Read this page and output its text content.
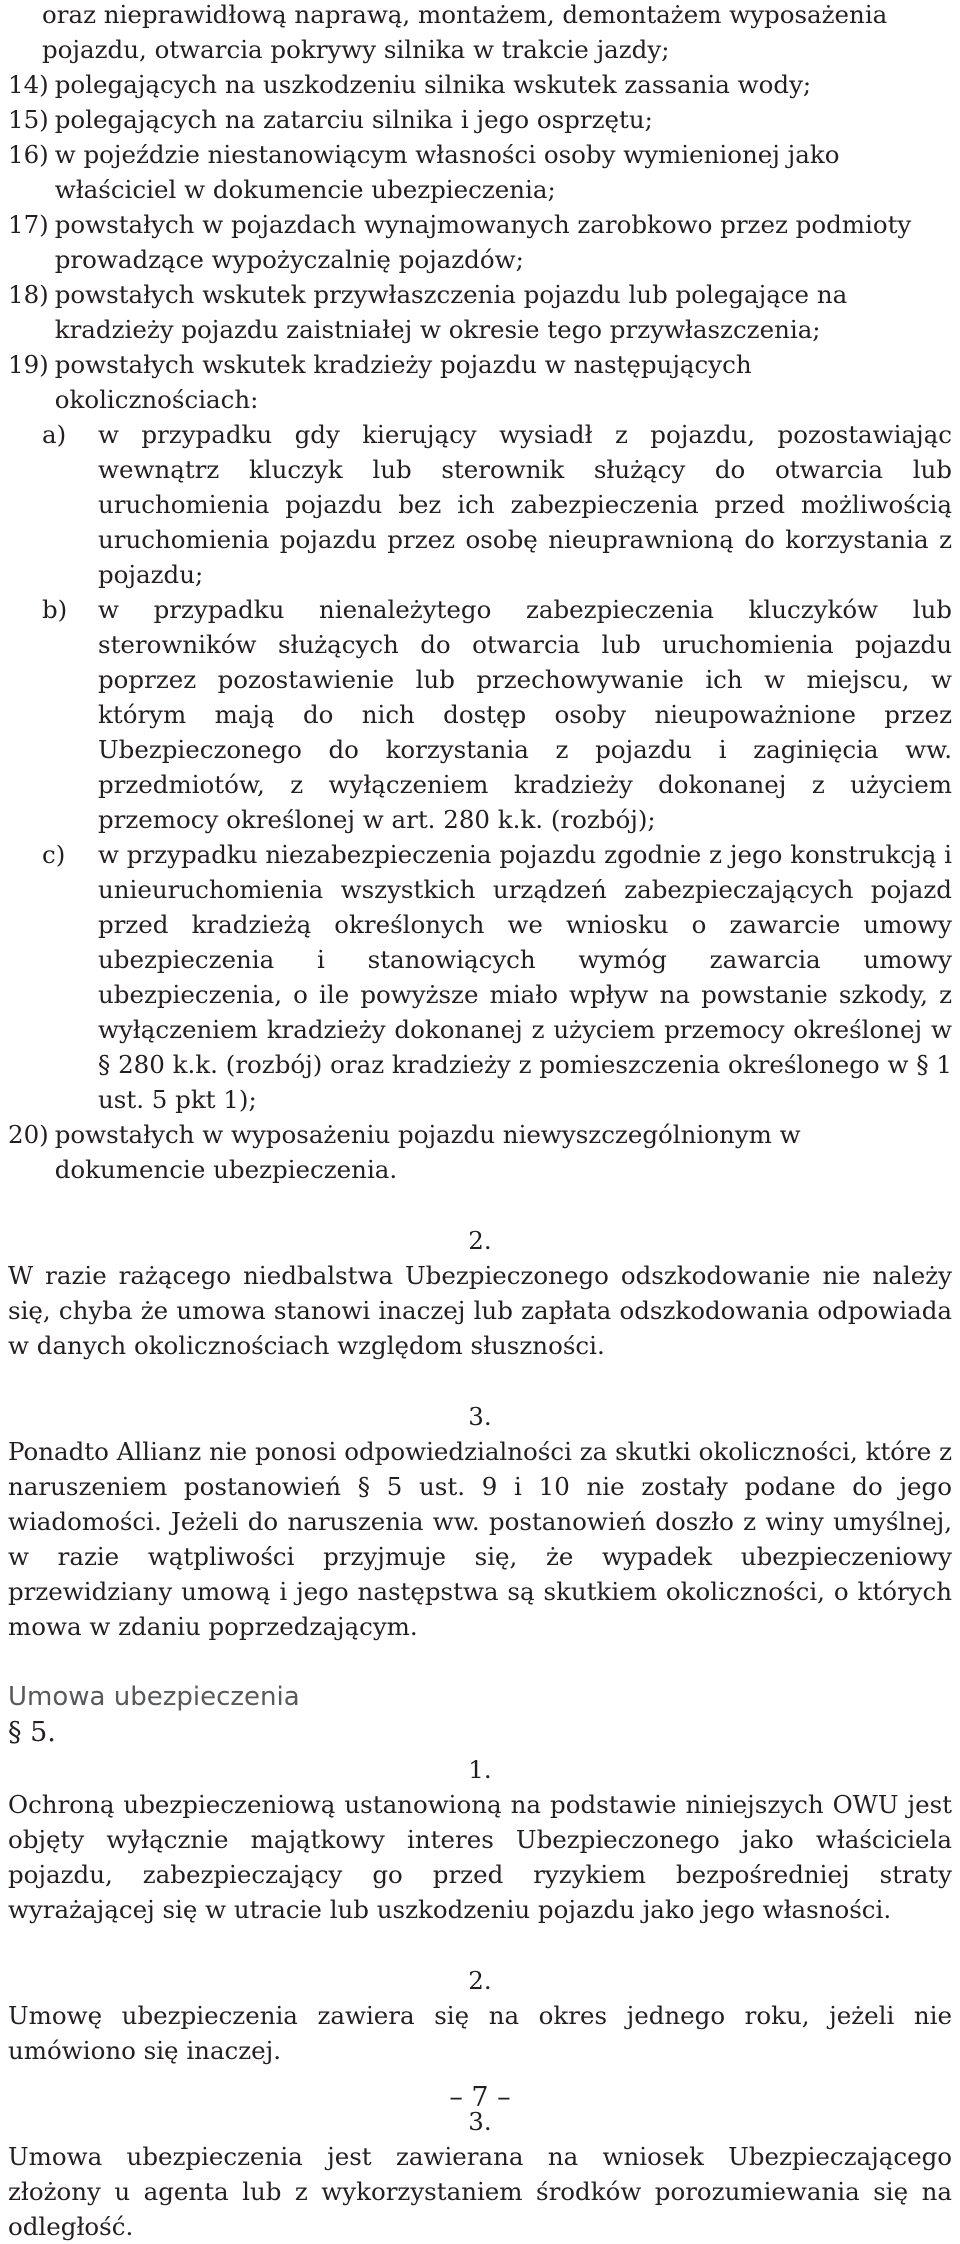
oraz nieprawidłową naprawą, montażem, demontażem wyposażenia pojazdu, otwarcia pokrywy silnika w trakcie jazdy;
14) polegających na uszkodzeniu silnika wskutek zassania wody;
15) polegających na zatarciu silnika i jego osprzętu;
16) w pojeździe niestanowiącym własności osoby wymienionej jako właściciel w dokumencie ubezpieczenia;
17) powstałych w pojazdach wynajmowanych zarobkowo przez podmioty prowadzące wypożyczalnię pojazdów;
18) powstałych wskutek przywłaszczenia pojazdu lub polegające na kradzieży pojazdu zaistniałej w okresie tego przywłaszczenia;
19) powstałych wskutek kradzieży pojazdu w następujących okolicznościach:
a)	w przypadku gdy kierujący wysiadł z pojazdu, pozostawiając wewnątrz kluczyk lub sterownik służący do otwarcia lub uruchomienia pojazdu bez ich zabezpieczenia przed możliwością uruchomienia pojazdu przez osobę nieuprawnioną do korzystania z pojazdu;
b)	w przypadku nienależytego zabezpieczenia kluczyków lub sterowników służących do otwarcia lub uruchomienia pojazdu poprzez pozostawienie lub przechowywanie ich w miejscu, w którym mają do nich dostęp osoby nieupoważnione przez Ubezpieczonego do korzystania z pojazdu i zaginięcia ww. przedmiotów, z wyłączeniem kradzieży dokonanej z użyciem przemocy określonej w art. 280 k.k. (rozbój);
c)	w przypadku niezabezpieczenia pojazdu zgodnie z jego konstrukcją i unieuruchomienia wszystkich urządzeń zabezpieczających pojazd przed kradzieżą określonych we wniosku o zawarcie umowy ubezpieczenia i stanowiących wymóg zawarcia umowy ubezpieczenia, o ile powyższe miało wpływ na powstanie szkody, z wyłączeniem kradzieży dokonanej z użyciem przemocy określonej w § 280 k.k. (rozbój) oraz kradzieży z pomieszczenia określonego w § 1 ust. 5 pkt 1);
20) powstałych w wyposażeniu pojazdu niewyszczególnionym w dokumencie ubezpieczenia.
2.
W razie rażącego niedbalstwa Ubezpieczonego odszkodowanie nie należy się, chyba że umowa stanowi inaczej lub zapłata odszkodowania odpowiada w danych okolicznościach względom słuszności.
3.
Ponadto Allianz nie ponosi odpowiedzialności za skutki okoliczności, które z naruszeniem postanowień § 5 ust. 9 i 10 nie zostały podane do jego wiadomości. Jeżeli do naruszenia ww. postanowień doszło z winy umyślnej, w razie wątpliwości przyjmuje się, że wypadek ubezpieczeniowy przewidziany umową i jego następstwa są skutkiem okoliczności, o których mowa w zdaniu poprzedzającym.
Umowa ubezpieczenia
§ 5.
1.
Ochroną ubezpieczeniową ustanowioną na podstawie niniejszych OWU jest objęty wyłącznie majątkowy interes Ubezpieczonego jako właściciela pojazdu, zabezpieczający go przed ryzykiem bezpośredniej straty wyrażającej się w utracie lub uszkodzeniu pojazdu jako jego własności.
2.
Umowę ubezpieczenia zawiera się na okres jednego roku, jeżeli nie umówiono się inaczej.
3.
Umowa ubezpieczenia jest zawierana na wniosek Ubezpieczającego złożony u agenta lub z wykorzystaniem środków porozumiewania się na odległość.
– 7 –
